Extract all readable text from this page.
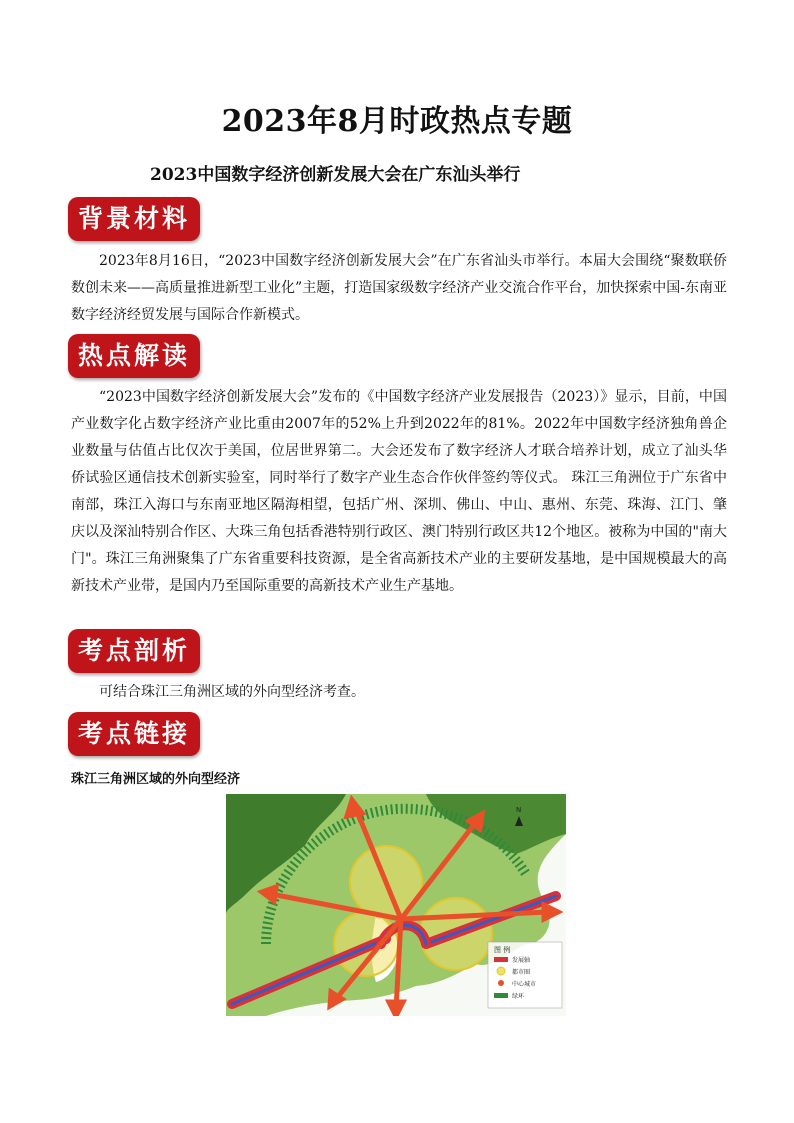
2023年8月时政热点专题
2023中国数字经济创新发展大会在广东汕头举行
背景材料

2023年8月16日，“2023中国数字经济创新发展大会”在广东省汕头市举行。本届大会围绕“聚数联侨数创未来——高质量推进新型工业化”主题，打造国家级数字经济产业交流合作平台，加快探索中国-东南亚数字经济经贸发展与国际合作新模式。

热点解读

“2023中国数字经济创新发展大会”发布的《中国数字经济产业发展报告（2023）》显示，目前，中国产业数字化占数字经济产业比重由2007年的52%上升到2022年的81%。2022年中国数字经济独角兽企业数量与估值占比仅次于美国，位居世界第二。大会还发布了数字经济人才联合培养计划，成立了汕头华侨试验区通信技术创新实验室，同时举行了数字产业生态合作伙伴签约等仪式。 珠江三角洲位于广东省中南部，珠江入海口与东南亚地区隔海相望，包括广州、深圳、佛山、中山、惠州、东莞、珠海、江门、肇庆以及深汕特别合作区、大珠三角包括香港特别行政区、澳门特别行政区共12个地区。被称为中国的"南大门"。珠江三角洲聚集了广东省重要科技资源，是全省高新技术产业的主要研发基地，是中国规模最大的高新技术产业带，是国内乃至国际重要的高新技术产业生产基地。

考点剖析

可结合珠江三角洲区域的外向型经济考查。

考点链接
珠江三角洲区域的外向型经济
N
图 例
发展轴
都市圈
中心城市
绿环
